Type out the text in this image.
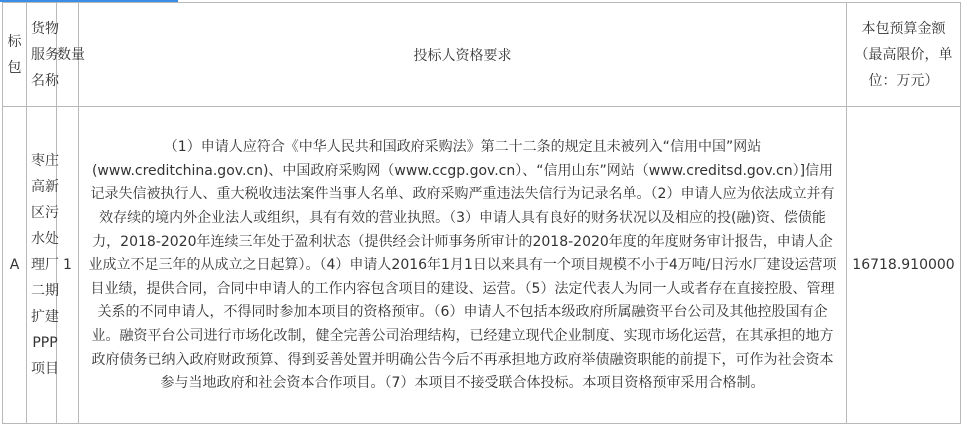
标包	货物服务名称	数量	投标人资格要求	本包预算金额（最高限价，单位：万元）

A	枣庄高新区污水处理厂二期扩建PPP项目	1	（1）申请人应符合《中华人民共和国政府采购法》第二十二条的规定且未被列入“信用中国”网站(www.creditchina.gov.cn)、中国政府采购网（www.ccgp.gov.cn）、“信用山东”网站（www.creditsd.gov.cn）]信用记录失信被执行人、重大税收违法案件当事人名单、政府采购严重违法失信行为记录名单。（2）申请人应为依法成立并有效存续的境内外企业法人或组织，具有有效的营业执照。（3）申请人具有良好的财务状况以及相应的投(融)资、偿债能力，2018-2020年连续三年处于盈利状态（提供经会计师事务所审计的2018-2020年度的年度财务审计报告，申请人企业成立不足三年的从成立之日起算）。（4）申请人2016年1月1日以来具有一个项目规模不小于4万吨/日污水厂建设运营项目业绩，提供合同，合同中申请人的工作内容包含项目的建设、运营。（5）法定代表人为同一人或者存在直接控股、管理关系的不同申请人，不得同时参加本项目的资格预审。（6）申请人不包括本级政府所属融资平台公司及其他控股国有企业。融资平台公司进行市场化改制，健全完善公司治理结构，已经建立现代企业制度、实现市场化运营，在其承担的地方政府债务已纳入政府财政预算、得到妥善处置并明确公告今后不再承担地方政府举债融资职能的前提下，可作为社会资本参与当地政府和社会资本合作项目。（7）本项目不接受联合体投标。本项目资格预审采用合格制。	16718.910000
